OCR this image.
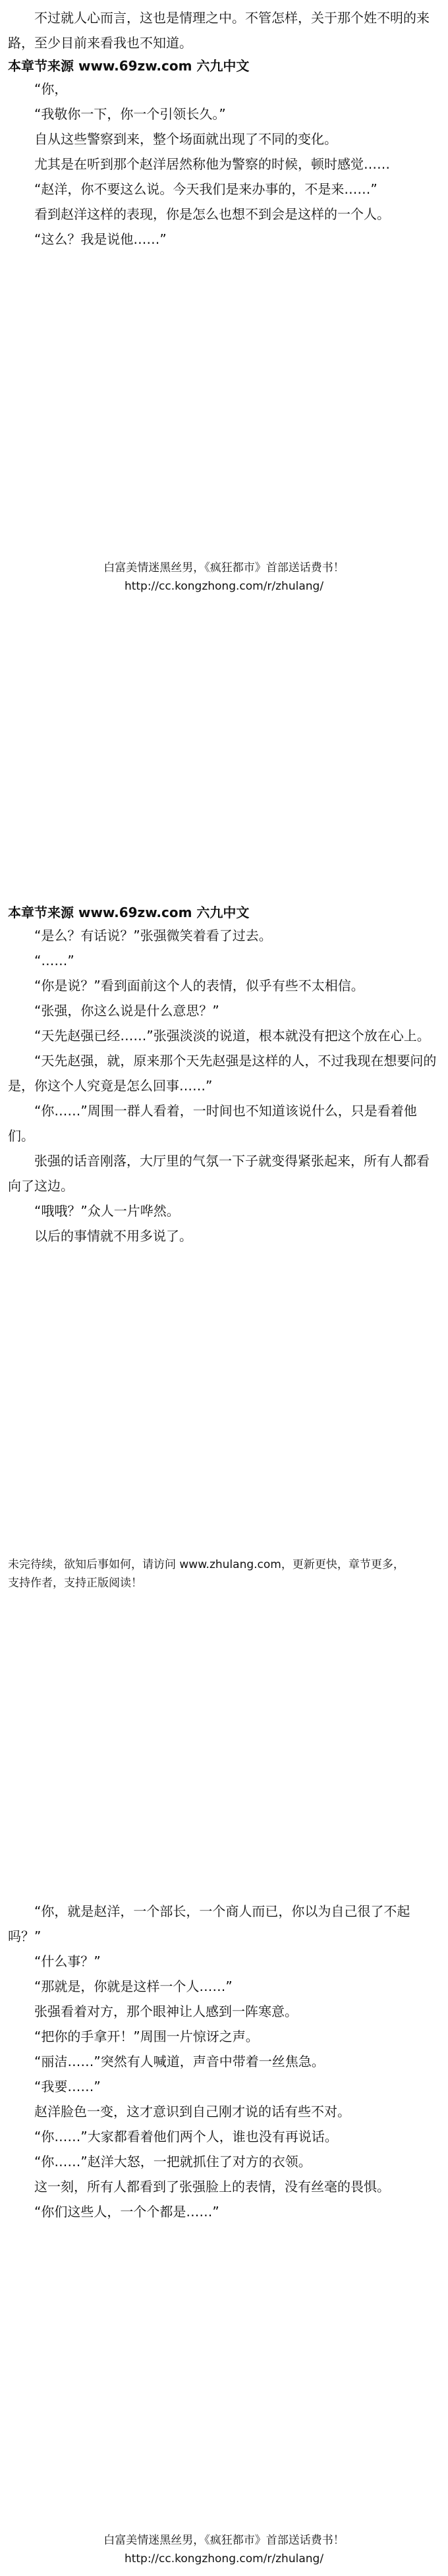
不过就人心而言，这也是情理之中。不管怎样，关于那个姓不明的来路，至少目前来看我也不知道。

本章节来源 www.69zw.com 六九中文

“你，

“我敬你一下，你一个引领长久。”

自从这些警察到来，整个场面就出现了不同的变化。

尤其是在听到那个赵洋居然称他为警察的时候，顿时感觉……

“赵洋，你不要这么说。今天我们是来办事的，不是来……”

看到赵洋这样的表现，你是怎么也想不到会是这样的一个人。

“这么？我是说他……”

白富美情迷黑丝男，《疯狂都市》首部送话费书！ http://cc.kongzhong.com/r/zhulang/

本章节来源 www.69zw.com 六九中文

“是么？有话说？”张强微笑着看了过去。

“……”

“你是说？”看到面前这个人的表情，似乎有些不太相信。

“张强，你这么说是什么意思？”

“天先赵强已经……”张强淡淡的说道，根本就没有把这个放在心上。

“天先赵强，就，原来那个天先赵强是这样的人，不过我现在想要问的是，你这个人究竟是怎么回事……”

“你……”周围一群人看着，一时间也不知道该说什么，只是看着他们。

张强的话音刚落，大厅里的气氛一下子就变得紧张起来，所有人都看向了这边。

“哦哦？”众人一片哗然。

以后的事情就不用多说了。

未完待续，欲知后事如何，请访问 www.zhulang.com，更新更快，章节更多，

支持作者，支持正版阅读！

“你，就是赵洋，一个部长，一个商人而已，你以为自己很了不起吗？”

“什么事？”

“那就是，你就是这样一个人……”

张强看着对方，那个眼神让人感到一阵寒意。

“把你的手拿开！”周围一片惊讶之声。

“丽洁……”突然有人喊道，声音中带着一丝焦急。

“我要……”

赵洋脸色一变，这才意识到自己刚才说的话有些不对。

“你……”大家都看着他们两个人，谁也没有再说话。

“你……”赵洋大怒，一把就抓住了对方的衣领。

这一刻，所有人都看到了张强脸上的表情，没有丝毫的畏惧。

“你们这些人，一个个都是……”

白富美情迷黑丝男，《疯狂都市》首部送话费书！ http://cc.kongzhong.com/r/zhulang/
